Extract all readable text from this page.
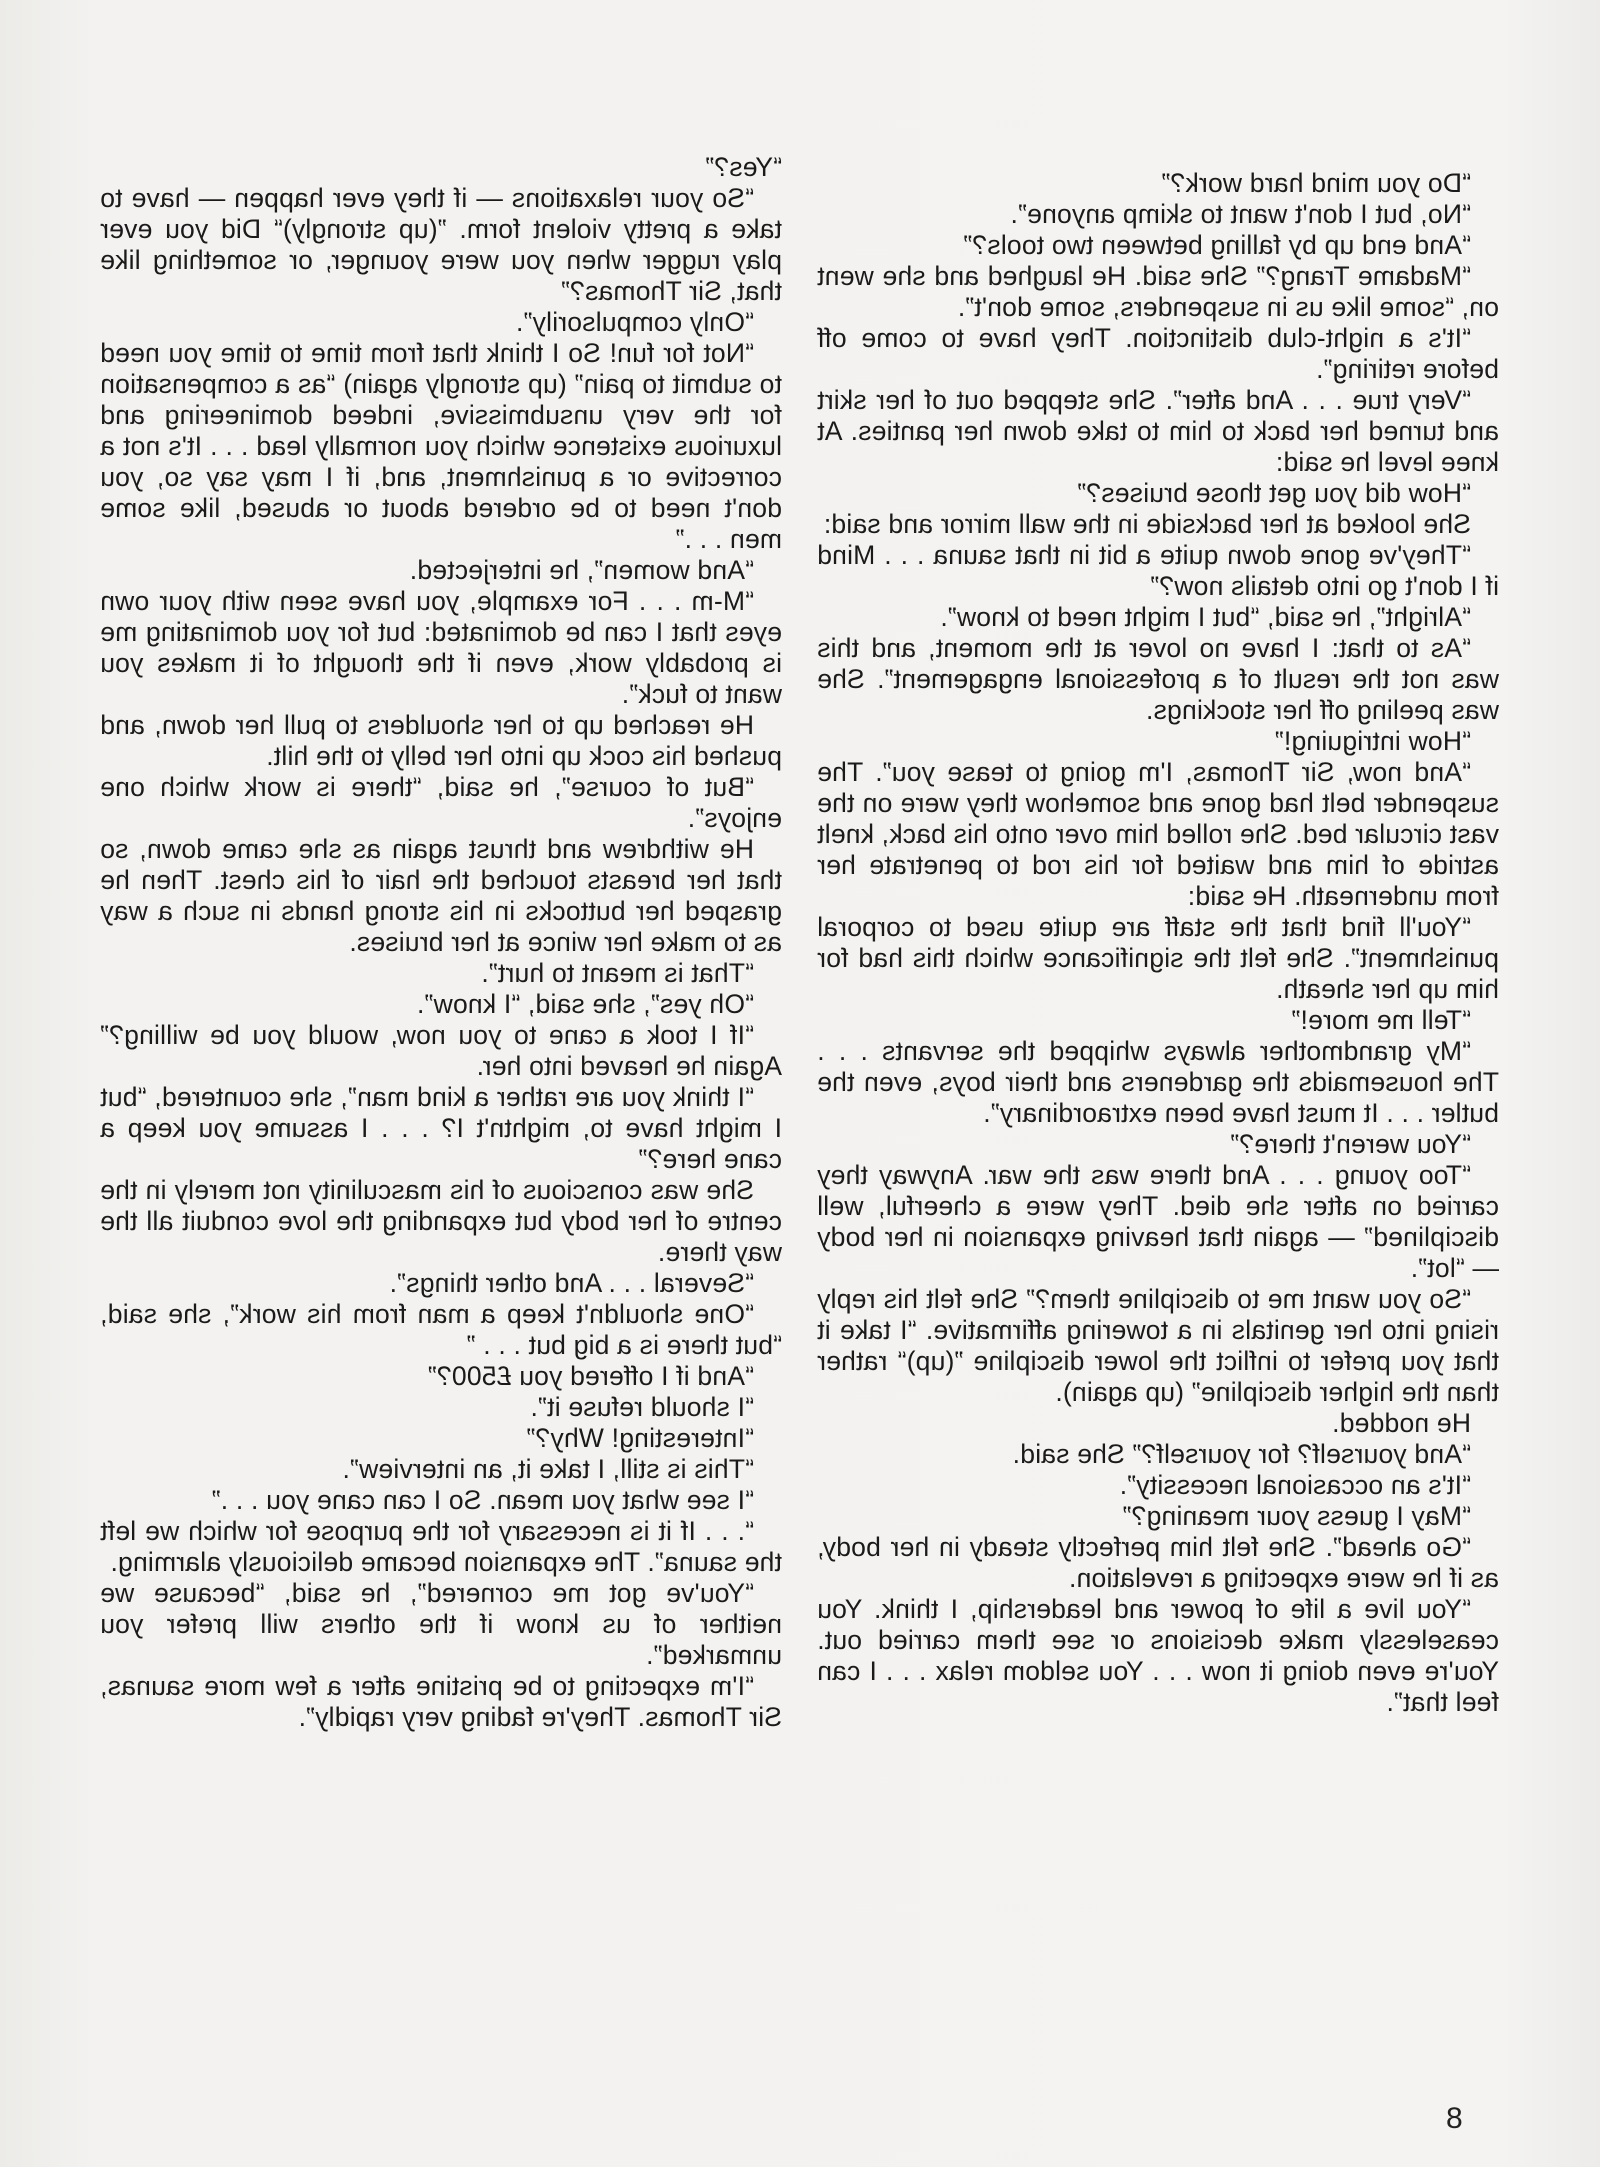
“Yes?”

“So your relaxations — if they ever happen — have to take a pretty violent form. ”(up strongly)“ Did you ever play rugger when you were younger, or something like that, Sir Thomas?”

“Only compulsorily”.

“Not for fun! So I think that from time to time you need to submit to pain” (up strongly again) “as a compensation for the very unsubmissive, indeed domineering and luxurious existence which you normally lead . . . It's not a corrective or a punishment, and, if I may say so, you don't need to be ordered about or abused, like some men . . .”

“And women”, he interjected.

“M-m . . . For example, you have seen with your own eyes that I can be dominated: but for you dominating me is probably work, even if the thought of it makes you want to fuck”.

He reached up to her shoulders to pull her down, and pushed his cock up into her belly to the hilt.

“But of course”, he said, “there is work which one enjoys”.

He withdrew and thrust again as she came down, so that her breasts touched the hair of his chest. Then he grasped her buttocks in his strong hands in such a way as to make her wince at her bruises.

“That is meant to hurt”.

“Oh yes”, she said, “I know”.

“If I took a cane to you now, would you be willing?” Again he heaved into her.

“I think you are rather a kind man”, she countered, “but I might have to, mightn't I? . . . I assume you keep a cane here?”

She was conscious of his masculinity not merely in the centre of her body but expanding the love conduit all the way there.

“Several . . . And other things”.

“One shouldn't keep a man from his work”, she said, “but there is a big but . . . ”

“And if I offered you £500?”

“I should refuse it”.

“Interesting! Why?”

“This is still, I take it, an interview”.

“I see what you mean. So I can cane you . . .”

“. . . If it is necessary for the purpose for which we left the sauna”. The expansion became deliciously alarming.

“You've got me cornered”, he said, “because we neither of us know if the others will prefer you unmarked”.

“I'm expecting to be pristine after a few more saunas, Sir Thomas. They're fading very rapidly”.

“Do you mind hard work?”

“No, but I don't want to skimp anyone”.

“And end up by falling between two tools?”

“Madame Trang?” She said. He laughed and she went on, “some like us in suspenders, some don't”.

“It's a night-club distinction. They have to come off before retiring”.

“Very true . . . And after”. She stepped out of her skirt and turned her back to him to take down her panties. At knee level he said:

“How did you get those bruises?”

She looked at her backside in the wall mirror and said:

“They've gone down quite a bit in that sauna . . . Mind if I don't go into details now?”

“Alright”, he said, “but I might need to know”.

“As to that: I have no lover at the moment, and this was not the result of a professional engagement”. She was peeling off her stockings.

“How intriguing!”

“And now, Sir Thomas, I'm going to tease you”. The suspender belt had gone and somehow they were on the vast circular bed. She rolled him over onto his back, knelt astride of him and waited for his rod to penetrate her from underneath. He said:

“You'll find that the staff are quite used to corporal punishment”. She felt the significance which this had for him up her sheath.

“Tell me more!”

“My grandmother always whipped the servants . . . The housemaids the gardeners and their boys, even the butler . . . It must have been extraordinary”.

“You weren't there?”

“Too young . . . And there was the war. Anyway they carried on after she died. They were a cheerful, well disciplined” — again that heaving expansion in her body — “lot”.

“So you want me to discipline them?” She felt his reply rising into her genitals in a towering affirmative. “I take it that you prefer to inflict the lower discipline ”(up)“ rather than the higher discipline” (up again).

He nodded.

“And yourself? for yourself?” She said.

“It's an occasional necessity”.

“May I guess your meaning?”

“Go ahead”. She felt him perfectly steady in her body, as if he were expecting a revelation.

“You live a life of power and leadership, I think. You ceaselessly make decisions or see them carried out. You're even doing it now . . . You seldom relax . . . I can feel that”.

8
